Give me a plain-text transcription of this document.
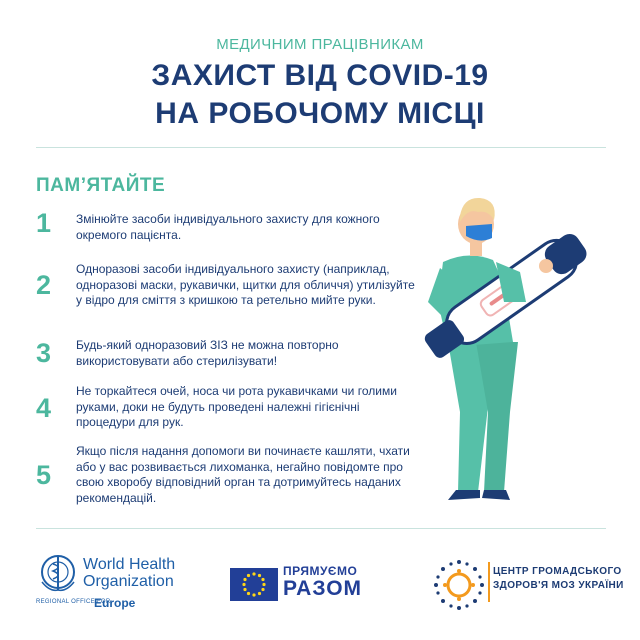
МЕДИЧНИМ ПРАЦІВНИКАМ
ЗАХИСТ ВІД COVID-19
НА РОБОЧОМУ МІСЦІ
ПАМ’ЯТАЙТЕ
1	Змінюйте засоби індивідуального захисту для кожного окремого пацієнта.
2
Одноразові засоби індивідуального захисту (наприклад, одноразові маски, рукавички, щитки для обличчя) утилізуйте у відро для сміття з кришкою та ретельно мийте руки.
3	Будь-який одноразовий ЗІЗ не можна повторно використовувати або стерилізувати!
4
Не торкайтеся очей, носа чи рота рукавичками чи голими руками, доки не будуть проведені належні гігієнічні процедури для рук.
5
Якщо після надання допомоги ви починаєте кашляти, чхати або у вас розвивається лихоманка, негайно повідомте про свою хворобу відповідний орган та дотримуйтесь наданих рекомендацій.
World Health
Organization
REGIONAL OFFICE FOR
Europe
ПРЯМУЄМО
РАЗОМ
ЦЕНТР ГРОМАДСЬКОГО
ЗДОРОВ'Я МОЗ УКРАЇНИ
